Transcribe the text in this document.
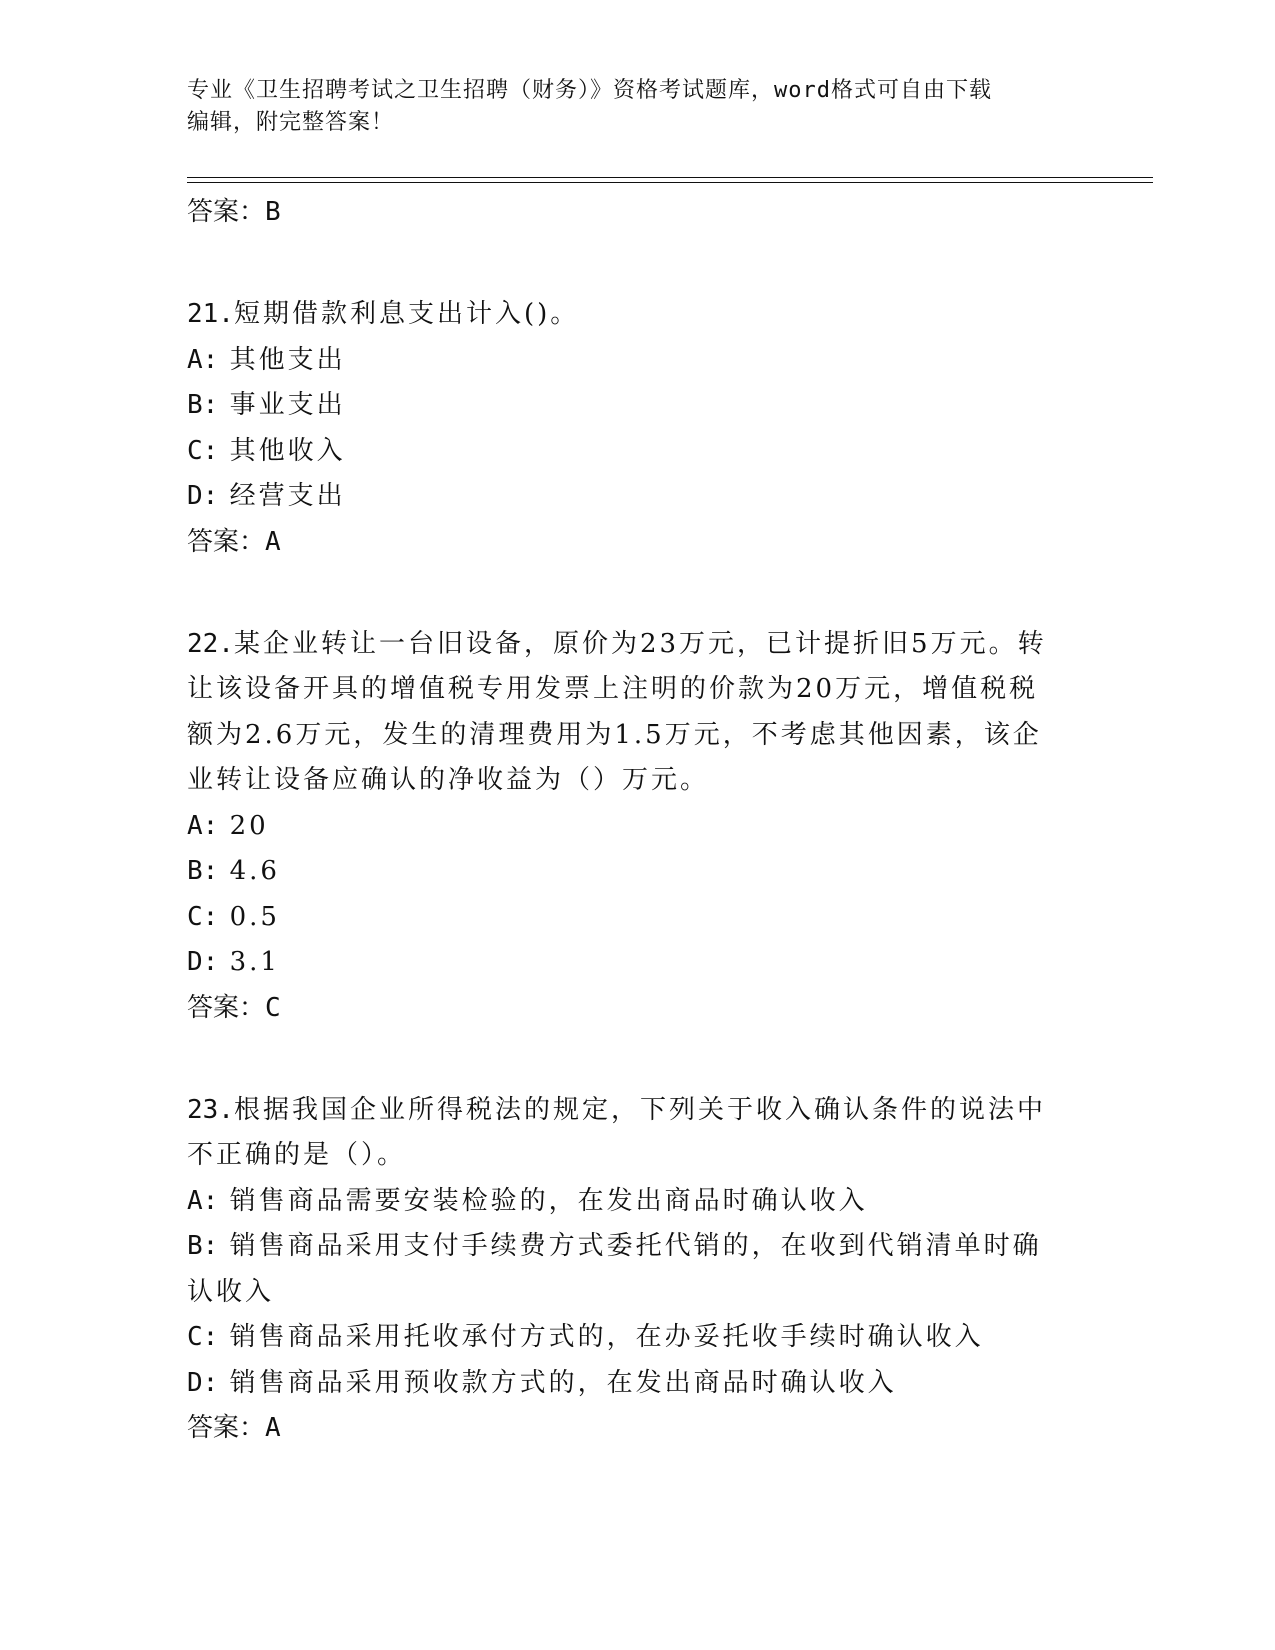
专业《卫生招聘考试之卫生招聘（财务）》资格考试题库，word格式可自由下载
编辑，附完整答案！
答案：B
21.短期借款利息支出计入()。
A: 其他支出
B: 事业支出
C: 其他收入
D: 经营支出
答案：A
22.某企业转让一台旧设备，原价为23万元，已计提折旧5万元。转让该设备开具的增值税专用发票上注明的价款为20万元，增值税税额为2.6万元，发生的清理费用为1.5万元，不考虑其他因素，该企业转让设备应确认的净收益为（）万元。
A: 20
B: 4.6
C: 0.5
D: 3.1
答案：C
23.根据我国企业所得税法的规定，下列关于收入确认条件的说法中不正确的是（）。
A: 销售商品需要安装检验的，在发出商品时确认收入
B: 销售商品采用支付手续费方式委托代销的，在收到代销清单时确认收入
C: 销售商品采用托收承付方式的，在办妥托收手续时确认收入
D: 销售商品采用预收款方式的，在发出商品时确认收入
答案：A
